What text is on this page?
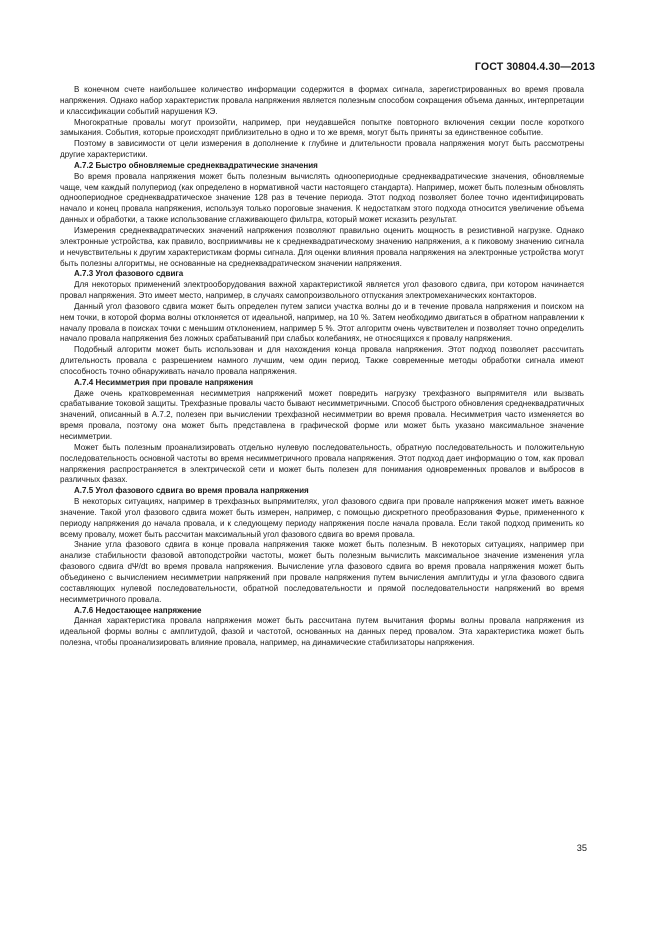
ГОСТ 30804.4.30—2013

В конечном счете наибольшее количество информации содержится в формах сигнала, зарегистрированных во время провала напряжения. Однако набор характеристик провала напряжения является полезным способом сокращения объема данных, интерпретации и классификации событий нарушения КЭ.

Многократные провалы могут произойти, например, при неудавшейся попытке повторного включения секции после короткого замыкания. События, которые происходят приблизительно в одно и то же время, могут быть приняты за единственное событие.

Поэтому в зависимости от цели измерения в дополнение к глубине и длительности провала напряжения могут быть рассмотрены другие характеристики.

А.7.2 Быстро обновляемые среднеквадратические значения

Во время провала напряжения может быть полезным вычислять одноопериодные среднеквадратические значения, обновляемые чаще, чем каждый полупериод (как определено в нормативной части настоящего стандарта). Например, может быть полезным обновлять одноопериодное среднеквадратическое значение 128 раз в течение периода. Этот подход позволяет более точно идентифицировать начало и конец провала напряжения, используя только пороговые значения. К недостаткам этого подхода относится увеличение объема данных и обработки, а также использование сглаживающего фильтра, который может исказить результат.

Измерения среднеквадратических значений напряжения позволяют правильно оценить мощность в резистивной нагрузке. Однако электронные устройства, как правило, восприимчивы не к среднеквадратическому значению напряжения, а к пиковому значению сигнала и нечувствительны к другим характеристикам формы сигнала. Для оценки влияния провала напряжения на электронные устройства могут быть полезны алгоритмы, не основанные на среднеквадратическом значении напряжения.

А.7.3 Угол фазового сдвига

Для некоторых применений электрооборудования важной характеристикой является угол фазового сдвига, при котором начинается провал напряжения. Это имеет место, например, в случаях самопроизвольного отпускания электромеханических контакторов.

Данный угол фазового сдвига может быть определен путем записи участка волны до и в течение провала напряжения и поиском на нем точки, в которой форма волны отклоняется от идеальной, например, на 10 %. Затем необходимо двигаться в обратном направлении к началу провала в поисках точки с меньшим отклонением, например 5 %. Этот алгоритм очень чувствителен и позволяет точно определить начало провала напряжения без ложных срабатываний при слабых колебаниях, не относящихся к провалу напряжения.

Подобный алгоритм может быть использован и для нахождения конца провала напряжения. Этот подход позволяет рассчитать длительность провала с разрешением намного лучшим, чем один период. Также современные методы обработки сигнала имеют способность точно обнаруживать начало провала напряжения.

А.7.4 Несимметрия при провале напряжения

Даже очень кратковременная несимметрия напряжений может повредить нагрузку трехфазного выпрямителя или вызвать срабатывание токовой защиты. Трехфазные провалы часто бывают несимметричными. Способ быстрого обновления среднеквадратичных значений, описанный в А.7.2, полезен при вычислении трехфазной несимметрии во время провала. Несимметрия часто изменяется во время провала, поэтому она может быть представлена в графической форме или может быть указано максимальное значение несимметрии.

Может быть полезным проанализировать отдельно нулевую последовательность, обратную последовательность и положительную последовательность основной частоты во время несимметричного провала напряжения. Этот подход дает информацию о том, как провал напряжения распространяется в электрической сети и может быть полезен для понимания одновременных провалов и выбросов в различных фазах.

А.7.5 Угол фазового сдвига во время провала напряжения

В некоторых ситуациях, например в трехфазных выпрямителях, угол фазового сдвига при провале напряжения может иметь важное значение. Такой угол фазового сдвига может быть измерен, например, с помощью дискретного преобразования Фурье, примененного к периоду напряжения до начала провала, и к следующему периоду напряжения после начала провала. Если такой подход применить ко всему провалу, может быть рассчитан максимальный угол фазового сдвига во время провала.

Знание угла фазового сдвига в конце провала напряжения также может быть полезным. В некоторых ситуациях, например при анализе стабильности фазовой автоподстройки частоты, может быть полезным вычислить максимальное значение изменения угла фазового сдвига dΨ/dt во время провала напряжения. Вычисление угла фазового сдвига во время провала напряжения может быть объединено с вычислением несимметрии напряжений при провале напряжения путем вычисления амплитуды и угла фазового сдвига составляющих нулевой последовательности, обратной последовательности и прямой последовательности напряжений во время несимметричного провала.

А.7.6 Недостающее напряжение

Данная характеристика провала напряжения может быть рассчитана путем вычитания формы волны провала напряжения из идеальной формы волны с амплитудой, фазой и частотой, основанных на данных перед провалом. Эта характеристика может быть полезна, чтобы проанализировать влияние провала, например, на динамические стабилизаторы напряжения.

35
